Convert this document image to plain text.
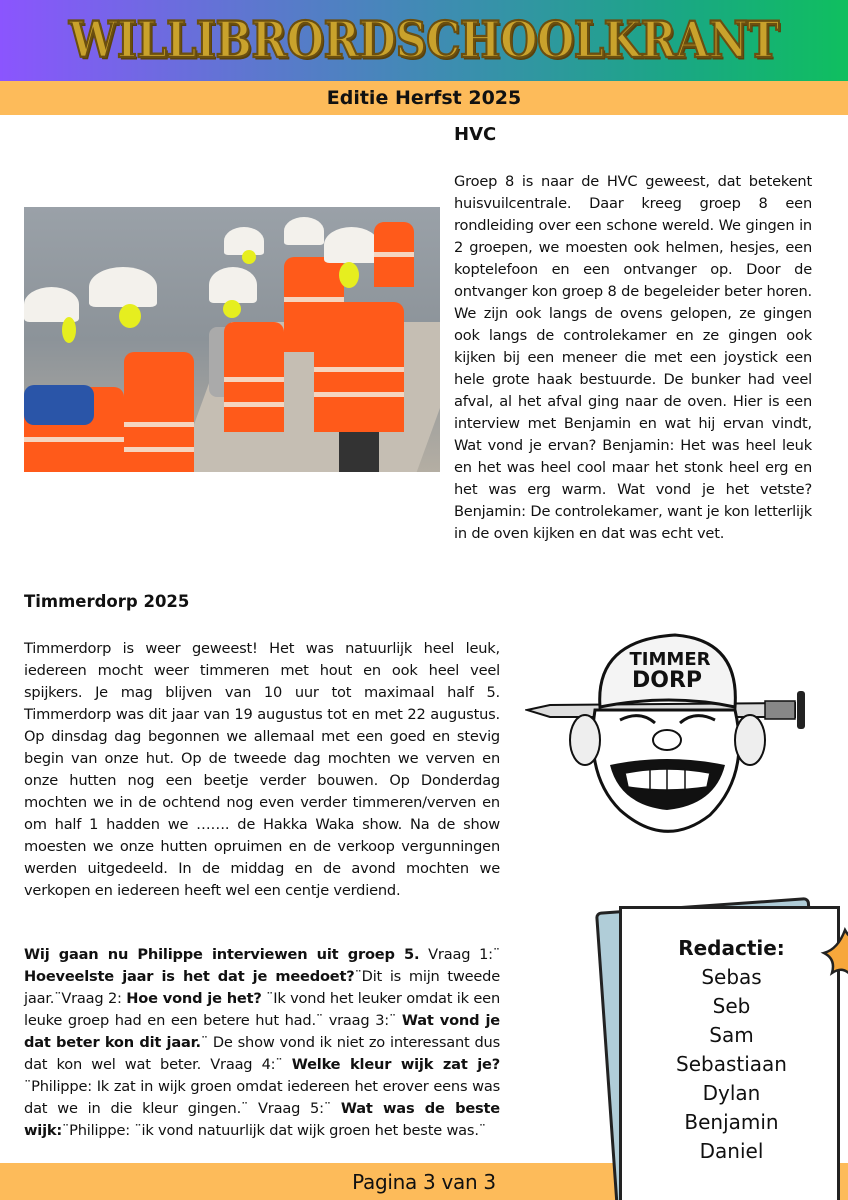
WILLIBRORDSCHOOLKRANT
Editie Herfst 2025
HVC

Groep 8 is naar de HVC geweest, dat betekent huisvuilcentrale. Daar kreeg groep 8 een rondleiding over een schone wereld. We gingen in 2 groepen, we moesten ook helmen, hesjes, een koptelefoon en een ontvanger op. Door de ontvanger kon groep 8 de begeleider beter horen. We zijn ook langs de ovens gelopen, ze gingen ook langs de controlekamer en ze gingen ook kijken bij een meneer die met een joystick een hele grote haak bestuurde. De bunker had veel afval, al het afval ging naar de oven. Hier is een interview met Benjamin en wat hij ervan vindt, Wat vond je ervan? Benjamin: Het was heel leuk en het was heel cool maar het stonk heel erg en het was erg warm. Wat vond je het vetste? Benjamin: De controlekamer, want je kon letterlijk in de oven kijken en dat was echt vet.

Timmerdorp 2025

Timmerdorp is weer geweest! Het was natuurlijk heel leuk, iedereen mocht weer timmeren met hout en ook heel veel spijkers. Je mag blijven van 10 uur tot maximaal half 5. Timmerdorp was dit jaar van 19 augustus tot en met 22 augustus. Op dinsdag dag begonnen we allemaal met een goed en stevig begin van onze hut. Op de tweede dag mochten we verven en onze hutten nog een beetje verder bouwen. Op Donderdag mochten we in de ochtend nog even verder timmeren/verven en om half 1 hadden we ……. de Hakka Waka show. Na de show moesten we onze hutten opruimen en de verkoop vergunningen werden uitgedeeld. In de middag en de avond mochten we verkopen en iedereen heeft wel een centje verdiend.

TIMMER
DORP

Wij gaan nu Philippe interviewen uit groep 5. Vraag 1:¨ Hoeveelste jaar is het dat je meedoet?¨Dit is mijn tweede jaar.¨Vraag 2: Hoe vond je het? ¨Ik vond het leuker omdat ik een leuke groep had en een betere hut had.¨ vraag 3:¨ Wat vond je dat beter kon dit jaar.¨ De show vond ik niet zo interessant dus dat kon wel wat beter. Vraag 4:¨ Welke kleur wijk zat je?¨Philippe: Ik zat in wijk groen omdat iedereen het erover eens was dat we in die kleur gingen.¨ Vraag 5:¨ Wat was de beste wijk:¨Philippe: ¨ik vond natuurlijk dat wijk groen het beste was.¨

Pagina 3 van 3
Redactie:
Sebas
Seb
Sam
Sebastiaan
Dylan
Benjamin
Daniel
